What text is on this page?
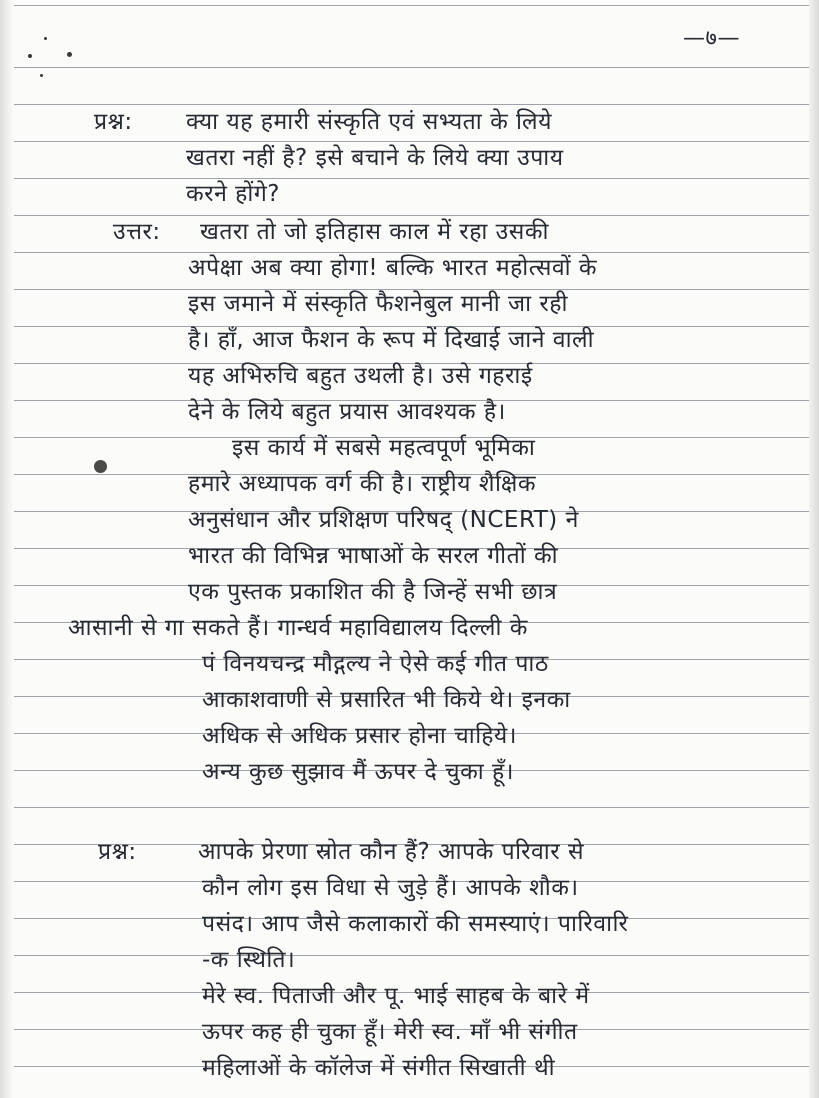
—७—
प्रश्न: क्या यह हमारी संस्कृति एवं सभ्यता के लिये
खतरा नहीं है? इसे बचाने के लिये क्या उपाय
करने होंगे?
उत्तर: खतरा तो जो इतिहास काल में रहा उसकी
अपेक्षा अब क्या होगा! बल्कि भारत महोत्सवों के
इस जमाने में संस्कृति फैशनेबुल मानी जा रही
है। हाँ, आज फैशन के रूप में दिखाई जाने वाली
यह अभिरुचि बहुत उथली है। उसे गहराई
देने के लिये बहुत प्रयास आवश्यक है।
इस कार्य में सबसे महत्वपूर्ण भूमिका
हमारे अध्यापक वर्ग की है। राष्ट्रीय शैक्षिक
अनुसंधान और प्रशिक्षण परिषद् (NCERT) ने
भारत की विभिन्न भाषाओं के सरल गीतों की
एक पुस्तक प्रकाशित की है जिन्हें सभी छात्र
आसानी से गा सकते हैं। गान्धर्व महाविद्यालय दिल्ली के
पं विनयचन्द्र मौद्गल्य ने ऐसे कई गीत पाठ
आकाशवाणी से प्रसारित भी किये थे। इनका
अधिक से अधिक प्रसार होना चाहिये।
अन्य कुछ सुझाव मैं ऊपर दे चुका हूँ।
प्रश्न:	आपके प्रेरणा स्रोत कौन हैं? आपके परिवार से
कौन लोग इस विधा से जुड़े हैं। आपके शौक।
पसंद। आप जैसे कलाकारों की समस्याएं। पारिवारि
-क स्थिति।
मेरे स्व. पिताजी और पू. भाई साहब के बारे में
ऊपर कह ही चुका हूँ। मेरी स्व. माँ भी संगीत
महिलाओं के कॉलेज में संगीत सिखाती थी
